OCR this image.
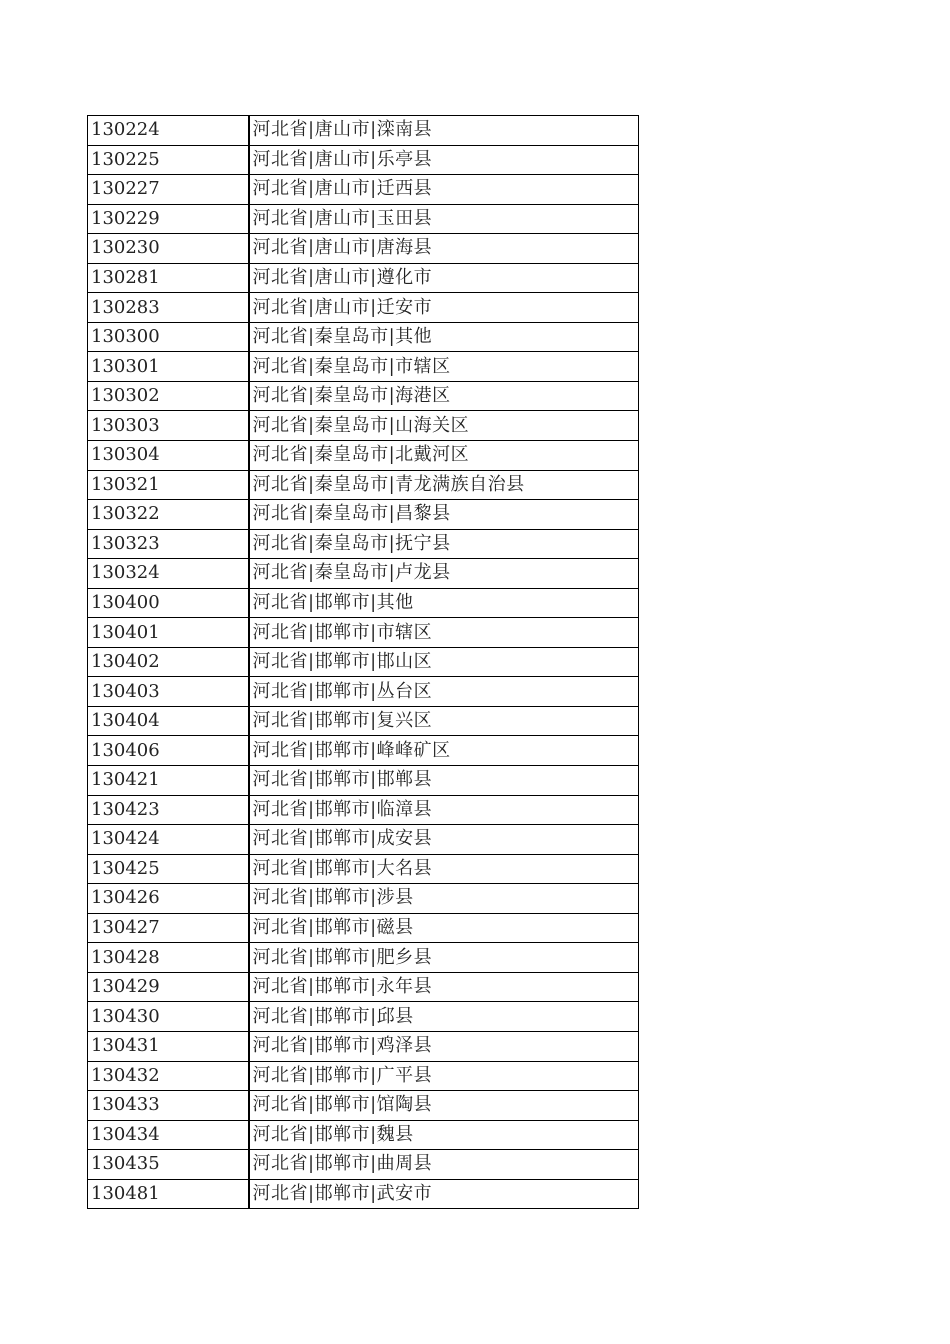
130224	河北省|唐山市|滦南县
130225	河北省|唐山市|乐亭县
130227	河北省|唐山市|迁西县
130229	河北省|唐山市|玉田县
130230	河北省|唐山市|唐海县
130281	河北省|唐山市|遵化市
130283	河北省|唐山市|迁安市
130300	河北省|秦皇岛市|其他
130301	河北省|秦皇岛市|市辖区
130302	河北省|秦皇岛市|海港区
130303	河北省|秦皇岛市|山海关区
130304	河北省|秦皇岛市|北戴河区
130321	河北省|秦皇岛市|青龙满族自治县
130322	河北省|秦皇岛市|昌黎县
130323	河北省|秦皇岛市|抚宁县
130324	河北省|秦皇岛市|卢龙县
130400	河北省|邯郸市|其他
130401	河北省|邯郸市|市辖区
130402	河北省|邯郸市|邯山区
130403	河北省|邯郸市|丛台区
130404	河北省|邯郸市|复兴区
130406	河北省|邯郸市|峰峰矿区
130421	河北省|邯郸市|邯郸县
130423	河北省|邯郸市|临漳县
130424	河北省|邯郸市|成安县
130425	河北省|邯郸市|大名县
130426	河北省|邯郸市|涉县
130427	河北省|邯郸市|磁县
130428	河北省|邯郸市|肥乡县
130429	河北省|邯郸市|永年县
130430	河北省|邯郸市|邱县
130431	河北省|邯郸市|鸡泽县
130432	河北省|邯郸市|广平县
130433	河北省|邯郸市|馆陶县
130434	河北省|邯郸市|魏县
130435	河北省|邯郸市|曲周县
130481	河北省|邯郸市|武安市
